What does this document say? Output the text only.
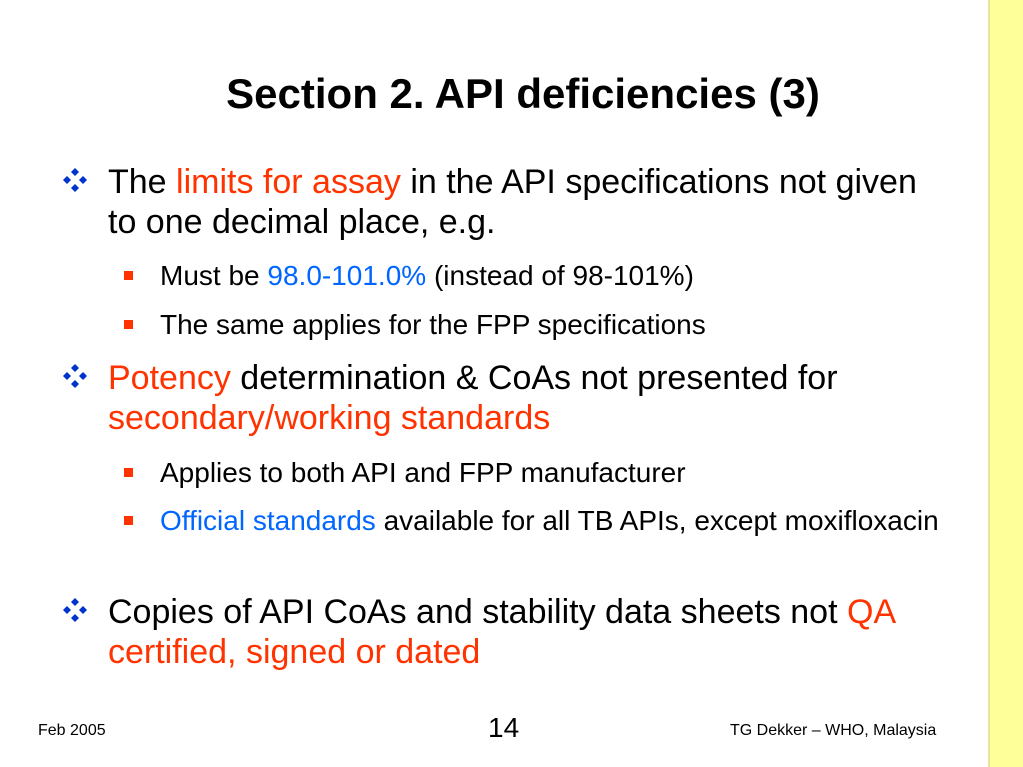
Section 2. API deficiencies (3)
The limits for assay in the API specifications not given to one decimal place, e.g.
Must be 98.0-101.0% (instead of 98-101%)
The same applies for the FPP specifications
Potency determination & CoAs not presented for secondary/working standards
Applies to both API and FPP manufacturer
Official standards available for all TB APIs, except moxifloxacin
Copies of API CoAs and stability data sheets not QA certified, signed or dated
Feb 2005	14	TG Dekker – WHO, Malaysia
